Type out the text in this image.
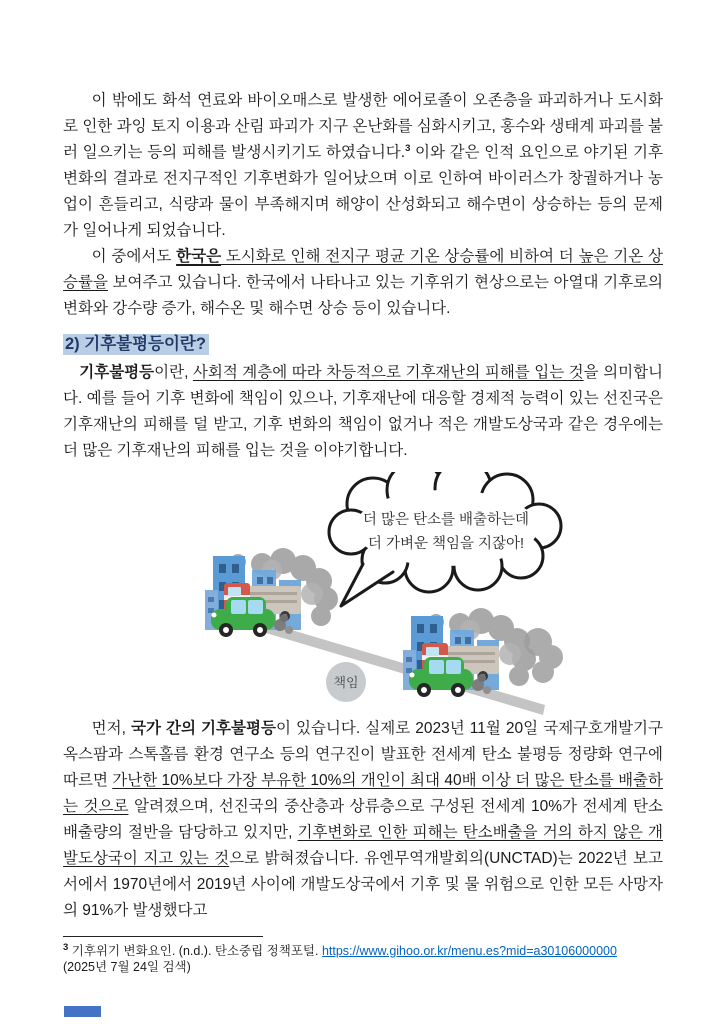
이 밖에도 화석 연료와 바이오매스로 발생한 에어로졸이 오존층을 파괴하거나 도시화로 인한 과잉 토지 이용과 산림 파괴가 지구 온난화를 심화시키고, 홍수와 생태계 파괴를 불러 일으키는 등의 피해를 발생시키기도 하였습니다.$^3$ 이와 같은 인적 요인으로 야기된 기후변화의 결과로 전지구적인 기후변화가 일어났으며 이로 인하여 바이러스가 창궐하거나 농업이 흔들리고, 식량과 물이 부족해지며 해양이 산성화되고 해수면이 상승하는 등의 문제가 일어나게 되었습니다.

이 중에서도 한국은 도시화로 인해 전지구 평균 기온 상승률에 비하여 더 높은 기온 상승률을 보여주고 있습니다. 한국에서 나타나고 있는 기후위기 현상으로는 아열대 기후로의 변화와 강수량 증가, 해수온 및 해수면 상승 등이 있습니다.

2) 기후불평등이란?

기후불평등이란, 사회적 계층에 따라 차등적으로 기후재난의 피해를 입는 것을 의미합니다. 예를 들어 기후 변화에 책임이 있으나, 기후재난에 대응할 경제적 능력이 있는 선진국은 기후재난의 피해를 덜 받고, 기후 변화의 책임이 없거나 적은 개발도상국과 같은 경우에는 더 많은 기후재난의 피해를 입는 것을 이야기합니다.

책임
더 많은 탄소를 배출하는데
더 가벼운 책임을 지잖아!

먼저, 국가 간의 기후불평등이 있습니다. 실제로 2023년 11월 20일 국제구호개발기구 옥스팜과 스톡홀름 환경 연구소 등의 연구진이 발표한 전세계 탄소 불평등 정량화 연구에 따르면 가난한 10%보다 가장 부유한 10%의 개인이 최대 40배 이상 더 많은 탄소를 배출하는 것으로 알려졌으며, 선진국의 중산층과 상류층으로 구성된 전세계 10%가 전세계 탄소 배출량의 절반을 담당하고 있지만, 기후변화로 인한 피해는 탄소배출을 거의 하지 않은 개발도상국이 지고 있는 것으로 밝혀졌습니다. 유엔무역개발회의(UNCTAD)는 2022년 보고서에서 1970년에서 2019년 사이에 개발도상국에서 기후 및 물 위험으로 인한 모든 사망자의 91%가 발생했다고

$^3$ 기후위기 변화요인. (n.d.). 탄소중립 정책포털. https://www.gihoo.or.kr/menu.es?mid=a30106000000
(2025년 7월 24일 검색)
